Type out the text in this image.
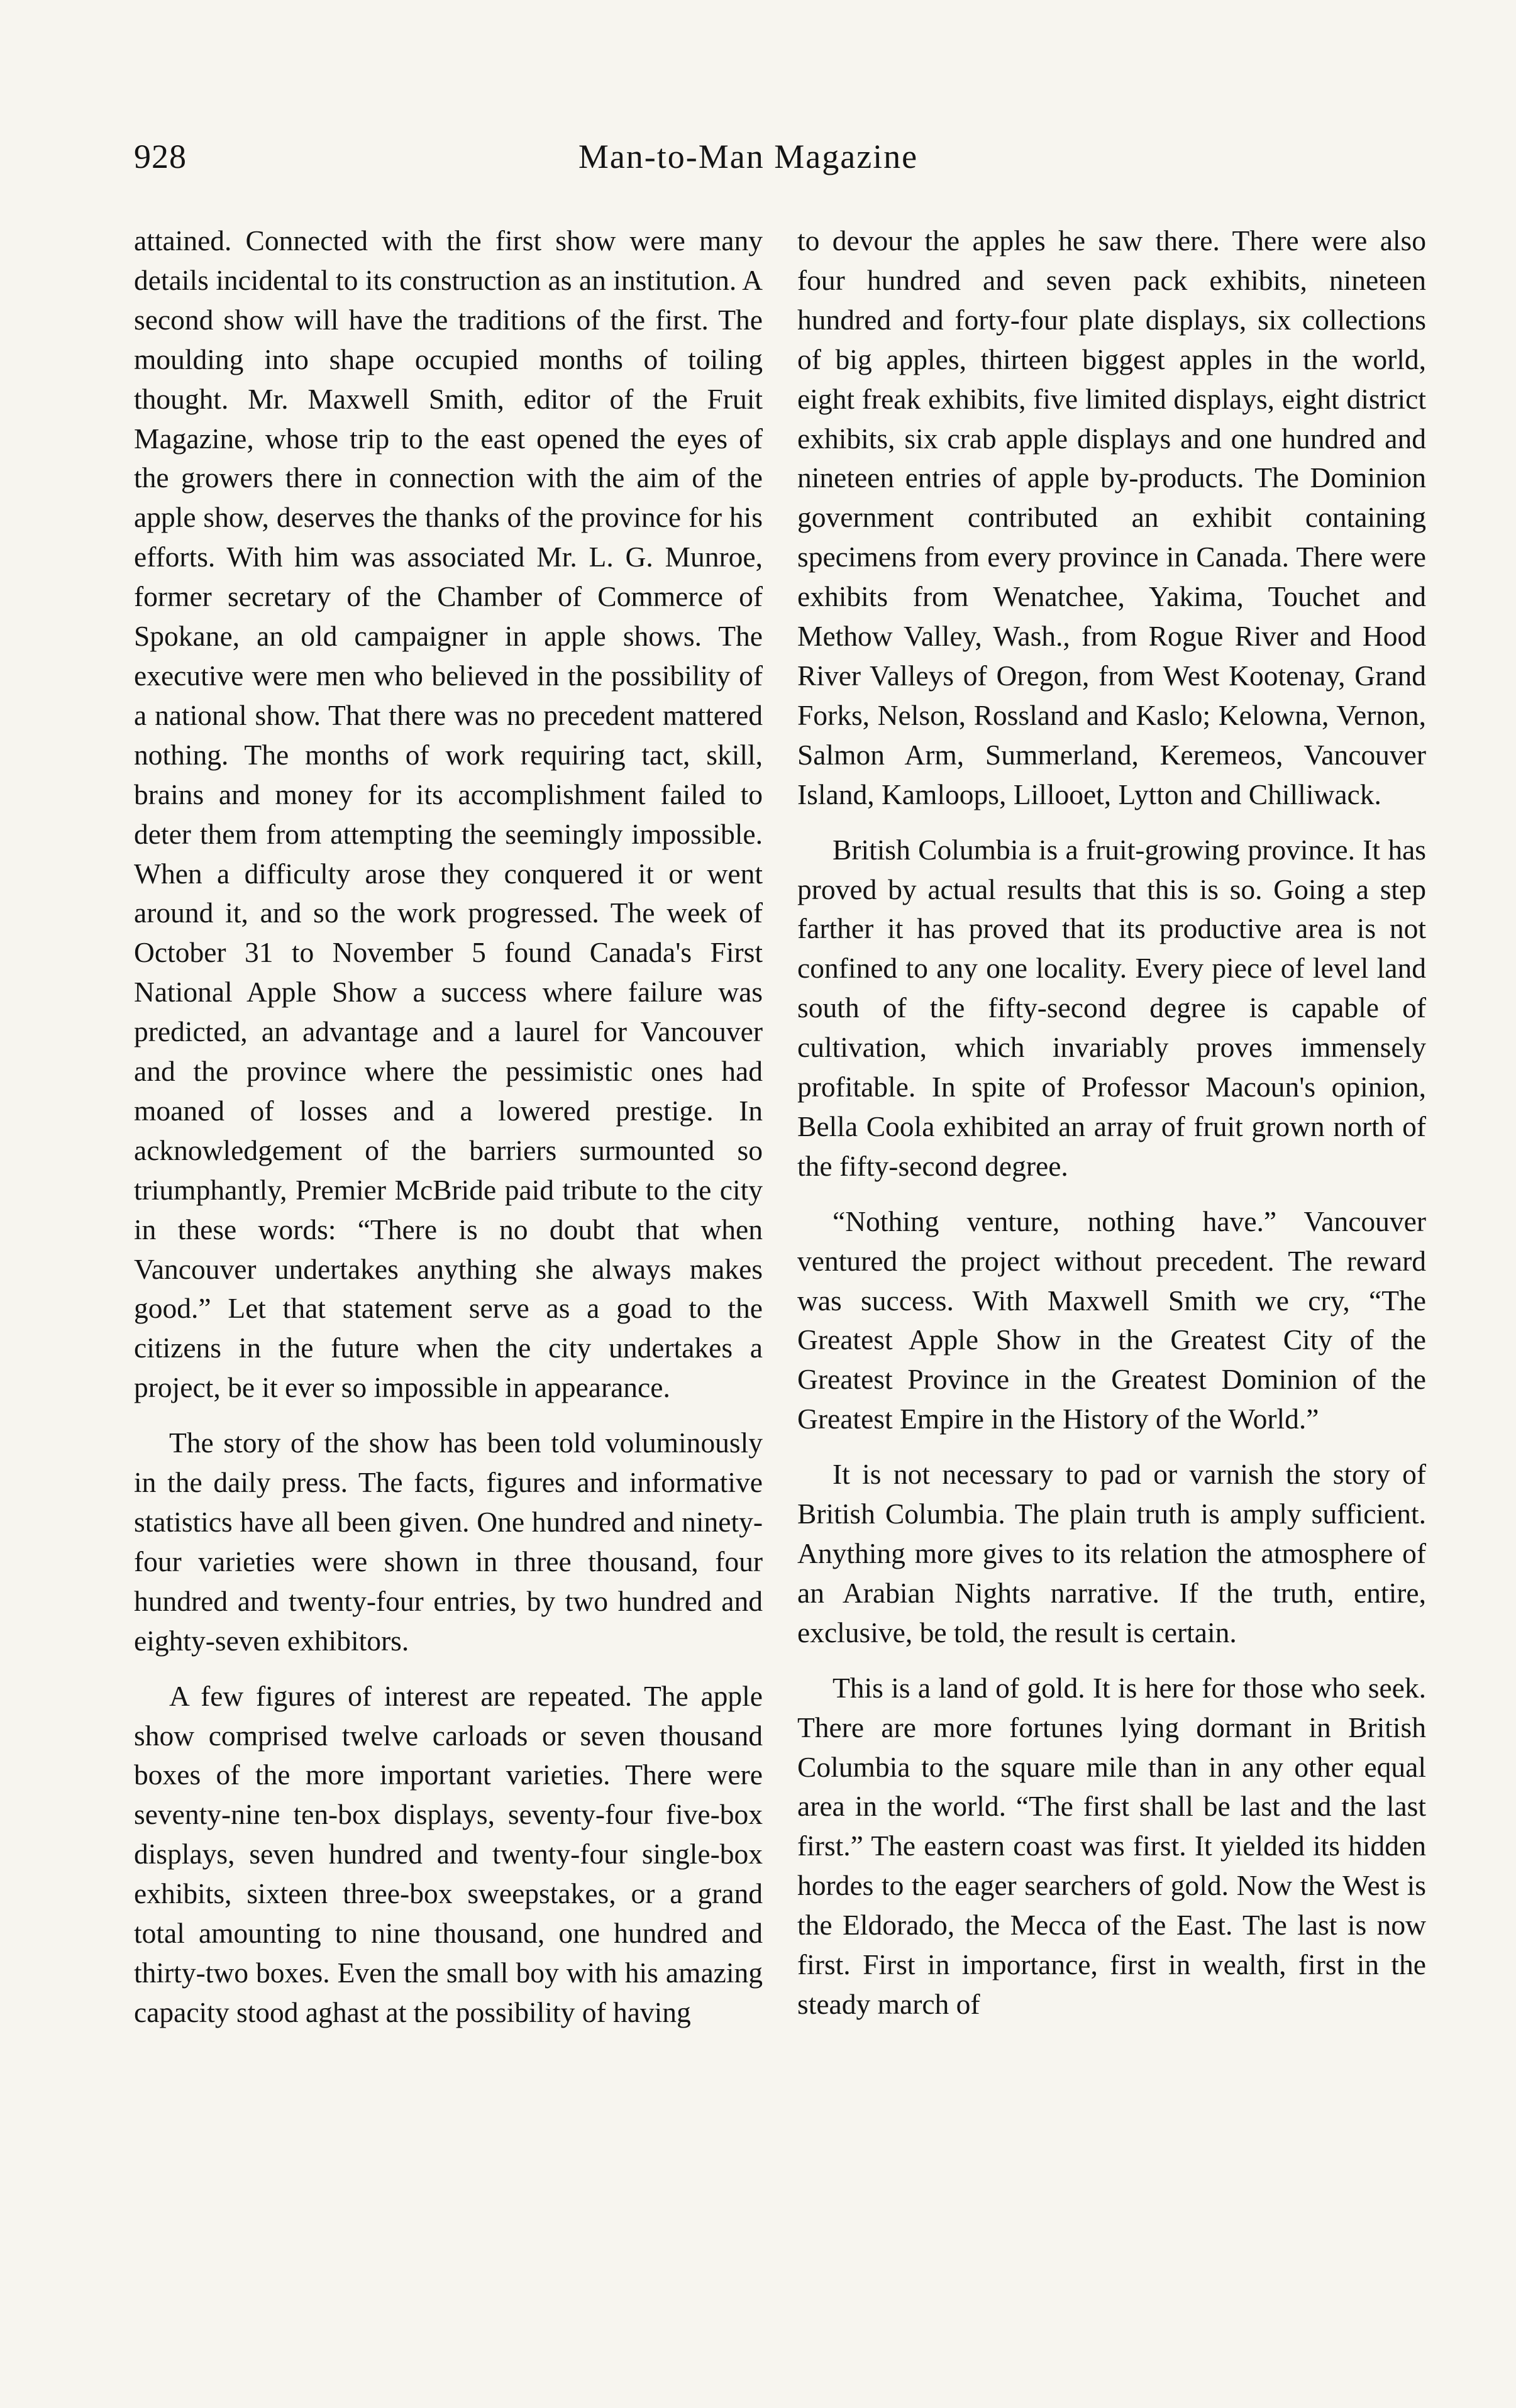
928	Man-to-Man Magazine

attained. Connected with the first show were many details incidental to its construction as an institution. A second show will have the traditions of the first. The moulding into shape occupied months of toiling thought. Mr. Maxwell Smith, editor of the Fruit Magazine, whose trip to the east opened the eyes of the growers there in connection with the aim of the apple show, deserves the thanks of the province for his efforts. With him was associated Mr. L. G. Munroe, former secretary of the Chamber of Commerce of Spokane, an old campaigner in apple shows. The executive were men who believed in the possibility of a national show. That there was no precedent mattered nothing. The months of work requiring tact, skill, brains and money for its accomplishment failed to deter them from attempting the seemingly impossible. When a difficulty arose they conquered it or went around it, and so the work progressed. The week of October 31 to November 5 found Canada's First National Apple Show a success where failure was predicted, an advantage and a laurel for Vancouver and the province where the pessimistic ones had moaned of losses and a lowered prestige. In acknowledgement of the barriers surmounted so triumphantly, Premier McBride paid tribute to the city in these words: “There is no doubt that when Vancouver undertakes anything she always makes good.” Let that statement serve as a goad to the citizens in the future when the city undertakes a project, be it ever so impossible in appearance.

The story of the show has been told voluminously in the daily press. The facts, figures and informative statistics have all been given. One hundred and ninety-four varieties were shown in three thousand, four hundred and twenty-four entries, by two hundred and eighty-seven exhibitors.

A few figures of interest are repeated. The apple show comprised twelve carloads or seven thousand boxes of the more important varieties. There were seventy-nine ten-box displays, seventy-four five-box displays, seven hundred and twenty-four single-box exhibits, sixteen three-box sweepstakes, or a grand total amounting to nine thousand, one hundred and thirty-two boxes. Even the small boy with his amazing capacity stood aghast at the possibility of having

to devour the apples he saw there. There were also four hundred and seven pack exhibits, nineteen hundred and forty-four plate displays, six collections of big apples, thirteen biggest apples in the world, eight freak exhibits, five limited displays, eight district exhibits, six crab apple displays and one hundred and nineteen entries of apple by-products. The Dominion government contributed an exhibit containing specimens from every province in Canada. There were exhibits from Wenatchee, Yakima, Touchet and Methow Valley, Wash., from Rogue River and Hood River Valleys of Oregon, from West Kootenay, Grand Forks, Nelson, Rossland and Kaslo; Kelowna, Vernon, Salmon Arm, Summerland, Keremeos, Vancouver Island, Kamloops, Lillooet, Lytton and Chilliwack.

British Columbia is a fruit-growing province. It has proved by actual results that this is so. Going a step farther it has proved that its productive area is not confined to any one locality. Every piece of level land south of the fifty-second degree is capable of cultivation, which invariably proves immensely profitable. In spite of Professor Macoun's opinion, Bella Coola exhibited an array of fruit grown north of the fifty-second degree.

“Nothing venture, nothing have.” Vancouver ventured the project without precedent. The reward was success. With Maxwell Smith we cry, “The Greatest Apple Show in the Greatest City of the Greatest Province in the Greatest Dominion of the Greatest Empire in the History of the World.”

It is not necessary to pad or varnish the story of British Columbia. The plain truth is amply sufficient. Anything more gives to its relation the atmosphere of an Arabian Nights narrative. If the truth, entire, exclusive, be told, the result is certain.

This is a land of gold. It is here for those who seek. There are more fortunes lying dormant in British Columbia to the square mile than in any other equal area in the world. “The first shall be last and the last first.” The eastern coast was first. It yielded its hidden hordes to the eager searchers of gold. Now the West is the Eldorado, the Mecca of the East. The last is now first. First in importance, first in wealth, first in the steady march of
